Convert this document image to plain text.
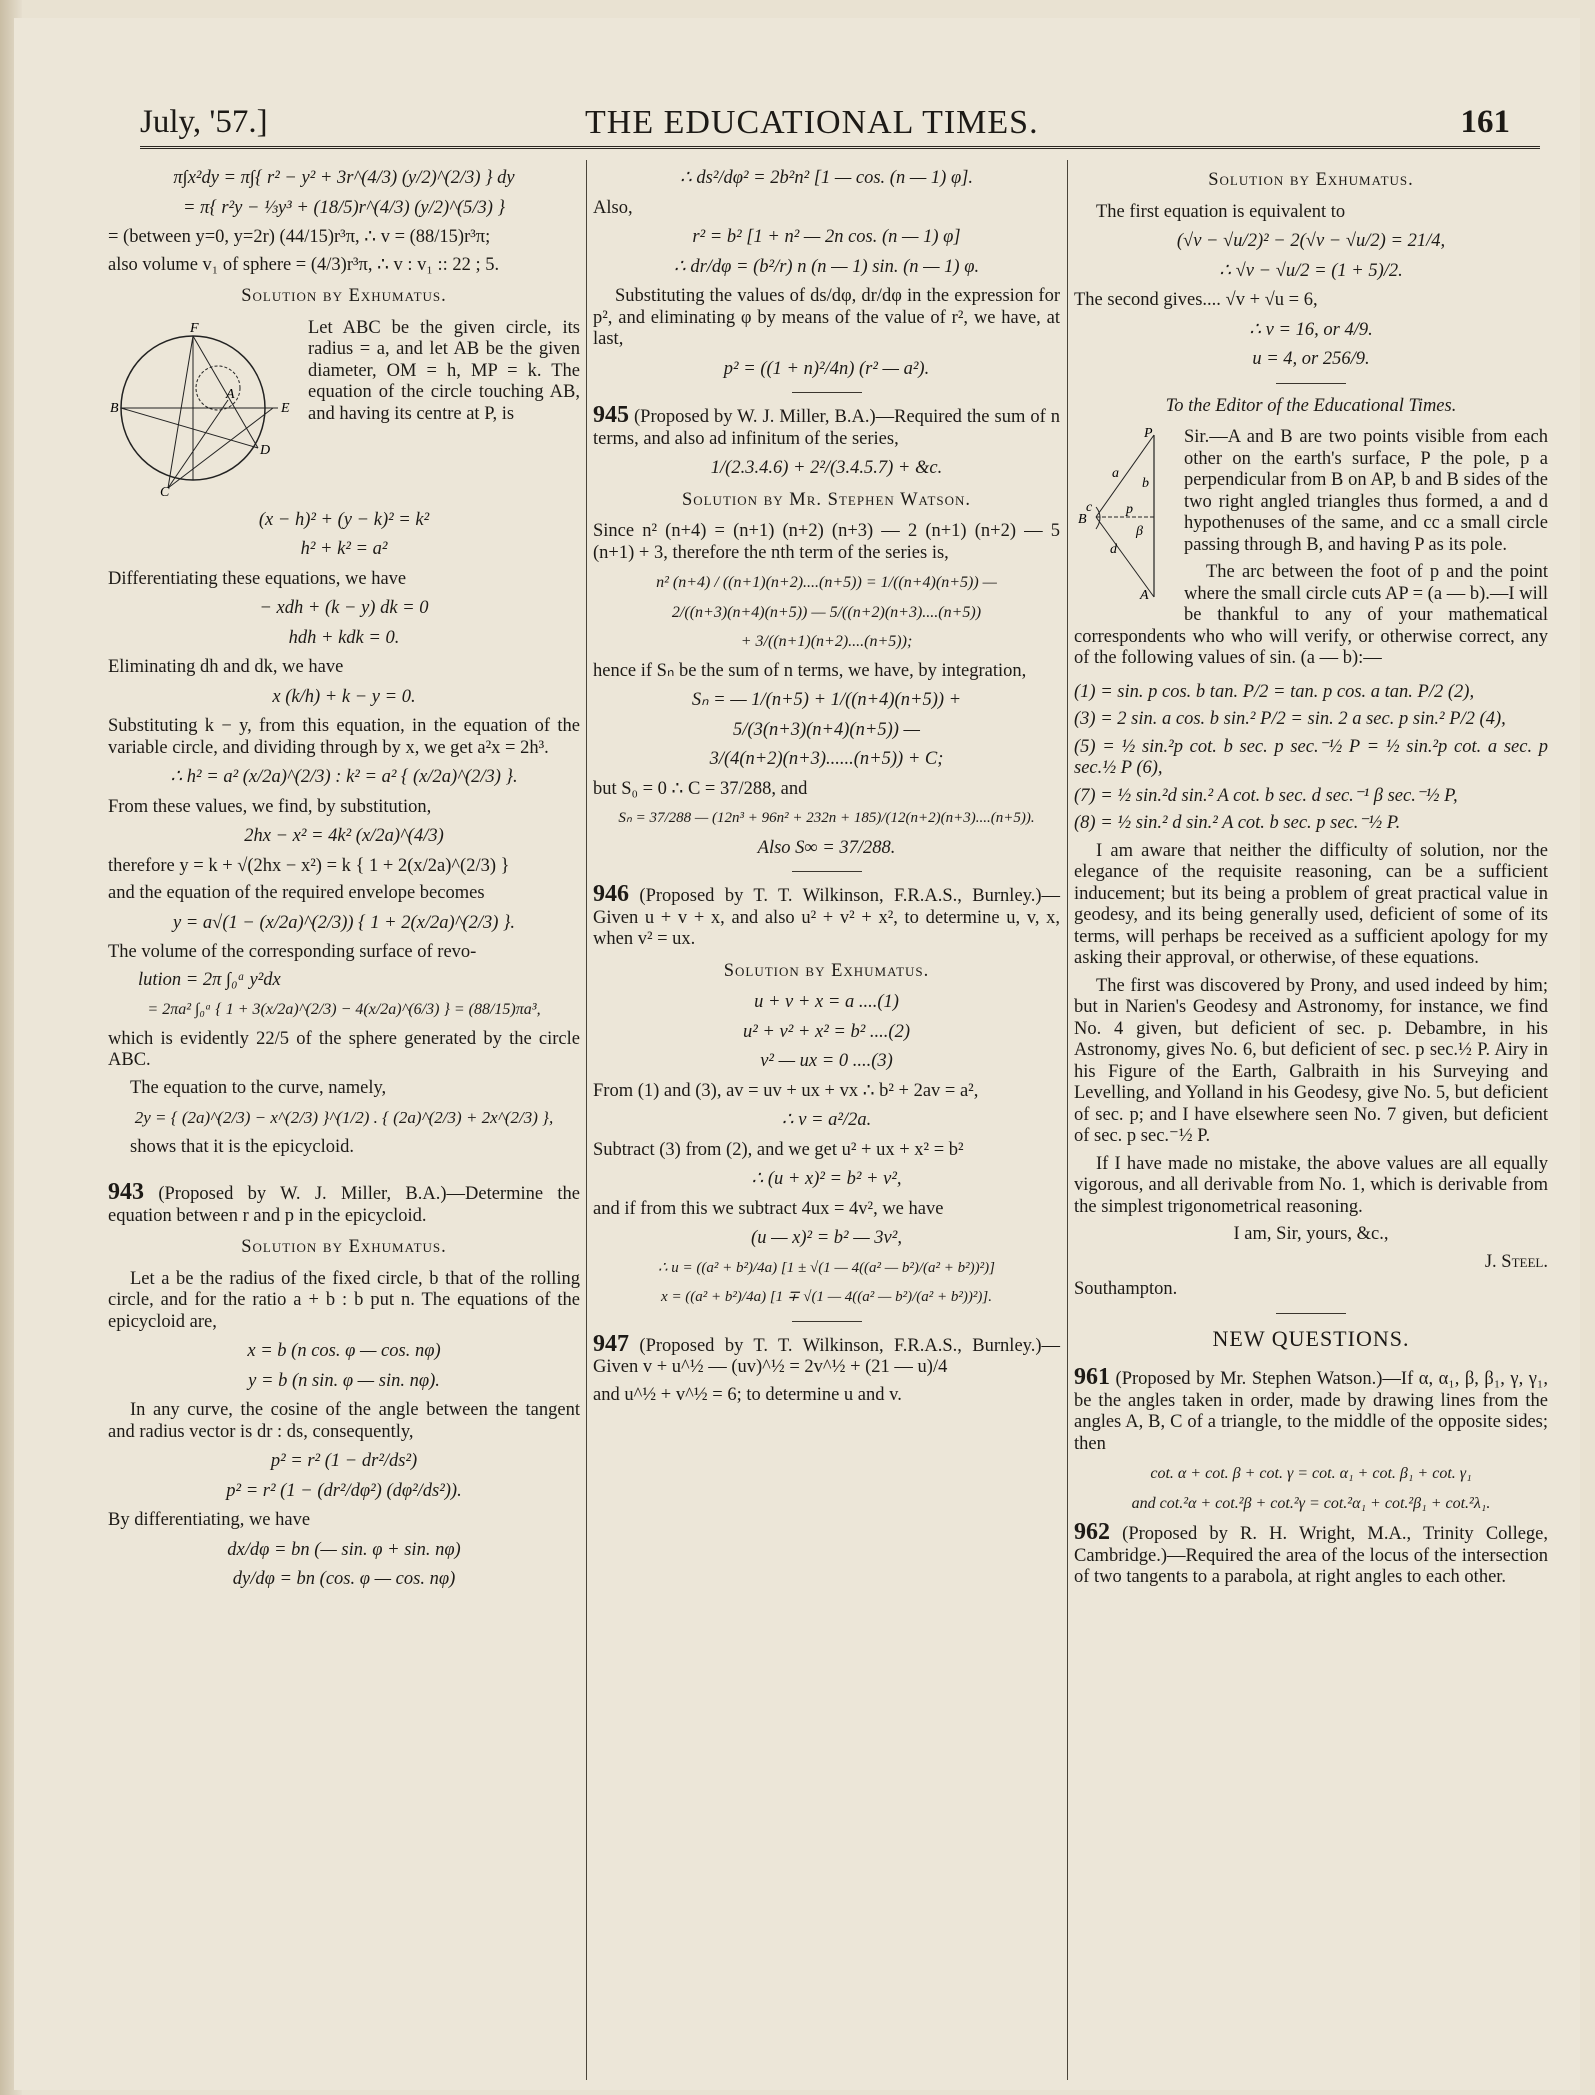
July, '57.]	THE EDUCATIONAL TIMES.	161
π∫x²dy = π∫{ r² − y² + 3r^(4/3) (y/2)^(2/3) } dy
= π{ r²y − ⅓y³ + (18/5)r^(4/3) (y/2)^(5/3) }

= (between y=0, y=2r) (44/15)r³π, ∴ v = (88/15)r³π;

also volume v₁ of sphere = (4/3)r³π, ∴ v : v₁ :: 22 ; 5.

Solution by Exhumatus.
F
B	E
D
C
A

Let ABC be the given circle, its radius = a, and let AB be the given diameter, OM = h, MP = k. The equation of the circle touching AB, and having its centre at P, is

(x − h)² + (y − k)² = k²
h² + k² = a²

Differentiating these equations, we have

− xdh + (k − y) dk = 0
hdh + kdk = 0.

Eliminating dh and dk, we have

x (k/h) + k − y = 0.

Substituting k − y, from this equation, in the equation of the variable circle, and dividing through by x, we get a²x = 2h³.

∴ h² = a² (x/2a)^(2/3) : k² = a² { (x/2a)^(2/3) }.

From these values, we find, by substitution,

2hx − x² = 4k² (x/2a)^(4/3)

therefore y = k + √(2hx − x²) = k { 1 + 2(x/2a)^(2/3) }

and the equation of the required envelope becomes

y = a√(1 − (x/2a)^(2/3)) { 1 + 2(x/2a)^(2/3) }.

The volume of the corresponding surface of revo-

lution = 2π ∫₀ᵃ y²dx
= 2πa² ∫₀ᵃ { 1 + 3(x/2a)^(2/3) − 4(x/2a)^(6/3) } = (88/15)πa³,

which is evidently 22/5 of the sphere generated by the circle ABC.

The equation to the curve, namely,

2y = { (2a)^(2/3) − x^(2/3) }^(1/2) . { (2a)^(2/3) + 2x^(2/3) },

shows that it is the epicycloid.

943 (Proposed by W. J. Miller, B.A.)—Determine the equation between r and p in the epicycloid.

Solution by Exhumatus.

Let a be the radius of the fixed circle, b that of the rolling circle, and for the ratio a + b : b put n. The equations of the epicycloid are,

x = b (n cos. φ — cos. nφ)
y = b (n sin. φ — sin. nφ).

In any curve, the cosine of the angle between the tangent and radius vector is dr : ds, consequently,

p² = r² (1 − dr²/ds²)
p² = r² (1 − (dr²/dφ²) (dφ²/ds²)).

By differentiating, we have

dx/dφ = bn (— sin. φ + sin. nφ)
dy/dφ = bn (cos. φ — cos. nφ)
∴ ds²/dφ² = 2b²n² [1 — cos. (n — 1) φ].

Also,

r² = b² [1 + n² — 2n cos. (n — 1) φ]
∴ dr/dφ = (b²/r) n (n — 1) sin. (n — 1) φ.

Substituting the values of ds/dφ, dr/dφ in the expression for p², and eliminating φ by means of the value of r², we have, at last,

p² = ((1 + n)²/4n) (r² — a²).

945 (Proposed by W. J. Miller, B.A.)—Required the sum of n terms, and also ad infinitum of the series,

1/(2.3.4.6) + 2²/(3.4.5.7) + &c.
Solution by Mr. Stephen Watson.

Since n² (n+4) = (n+1) (n+2) (n+3) — 2 (n+1) (n+2) — 5 (n+1) + 3, therefore the nth term of the series is,

n² (n+4) / ((n+1)(n+2)....(n+5)) = 1/((n+4)(n+5)) —
2/((n+3)(n+4)(n+5)) — 5/((n+2)(n+3)....(n+5))
+ 3/((n+1)(n+2)....(n+5));

hence if Sₙ be the sum of n terms, we have, by integration,

Sₙ = — 1/(n+5) + 1/((n+4)(n+5)) +
5/(3(n+3)(n+4)(n+5)) —
3/(4(n+2)(n+3)......(n+5)) + C;

but S₀ = 0 ∴ C = 37/288, and

Sₙ = 37/288 — (12n³ + 96n² + 232n + 185)/(12(n+2)(n+3)....(n+5)).
Also S∞ = 37/288.

946 (Proposed by T. T. Wilkinson, F.R.A.S., Burnley.)—Given u + v + x, and also u² + v² + x², to determine u, v, x, when v² = ux.

Solution by Exhumatus.
u + v + x = a ....(1)
u² + v² + x² = b² ....(2)
v² — ux = 0 ....(3)

From (1) and (3), av = uv + ux + vx ∴ b² + 2av = a²,

∴ v = a²/2a.

Subtract (3) from (2), and we get u² + ux + x² = b²

∴ (u + x)² = b² + v²,

and if from this we subtract 4ux = 4v², we have

(u — x)² = b² — 3v²,
∴ u = ((a² + b²)/4a) [1 ± √(1 — 4((a² — b²)/(a² + b²))²)]
x = ((a² + b²)/4a) [1 ∓ √(1 — 4((a² — b²)/(a² + b²))²)].

947 (Proposed by T. T. Wilkinson, F.R.A.S., Burnley.)—Given v + u^½ — (uv)^½ = 2v^½ + (21 — u)/4

and u^½ + v^½ = 6; to determine u and v.

Solution by Exhumatus.

The first equation is equivalent to

(√v − √u/2)² − 2(√v − √u/2) = 21/4,
∴ √v − √u/2 = (1 + 5)/2.

The second gives.... √v + √u = 6,

∴ v = 16, or 4/9.
u = 4, or 256/9.
To the Editor of the Educational Times.
P
a
b
c p
B
d
β
A

Sir.—A and B are two points visible from each other on the earth's surface, P the pole, p a perpendicular from B on AP, b and B sides of the two right angled triangles thus formed, a and d hypothenuses of the same, and cc a small circle passing through B, and having P as its pole.

The arc between the foot of p and the point where the small circle cuts AP = (a — b).—I will be thankful to any of your mathematical correspondents who who will verify, or otherwise correct, any of the following values of sin. (a — b):—

(1) = sin. p cos. b tan. P/2 = tan. p cos. a tan. P/2 (2),
(3) = 2 sin. a cos. b sin.² P/2 = sin. 2 a sec. p sin.² P/2 (4),

(5) = ½ sin.²p cot. b sec. p sec.⁻½ P = ½ sin.²p cot. a sec. p sec.½ P (6),

(7) = ½ sin.²d sin.² A cot. b sec. d sec.⁻¹ β sec.⁻½ P,
(8) = ½ sin.² d sin.² A cot. b sec. p sec.⁻½ P.

I am aware that neither the difficulty of solution, nor the elegance of the requisite reasoning, can be a sufficient inducement; but its being a problem of great practical value in geodesy, and its being generally used, deficient of some of its terms, will perhaps be received as a sufficient apology for my asking their approval, or otherwise, of these equations.

The first was discovered by Prony, and used indeed by him; but in Narien's Geodesy and Astronomy, for instance, we find No. 4 given, but deficient of sec. p. Debambre, in his Astronomy, gives No. 6, but deficient of sec. p sec.½ P. Airy in his Figure of the Earth, Galbraith in his Surveying and Levelling, and Yolland in his Geodesy, give No. 5, but deficient of sec. p; and I have elsewhere seen No. 7 given, but deficient of sec. p sec.⁻½ P.

If I have made no mistake, the above values are all equally vigorous, and all derivable from No. 1, which is derivable from the simplest trigonometrical reasoning.

I am, Sir, yours, &c.,

J. Steel.

Southampton.

NEW QUESTIONS.

961 (Proposed by Mr. Stephen Watson.)—If α, α₁, β, β₁, γ, γ₁, be the angles taken in order, made by drawing lines from the angles A, B, C of a triangle, to the middle of the opposite sides; then

cot. α + cot. β + cot. γ = cot. α₁ + cot. β₁ + cot. γ₁
and cot.²α + cot.²β + cot.²γ = cot.²α₁ + cot.²β₁ + cot.²λ₁.

962 (Proposed by R. H. Wright, M.A., Trinity College, Cambridge.)—Required the area of the locus of the intersection of two tangents to a parabola, at right angles to each other.
